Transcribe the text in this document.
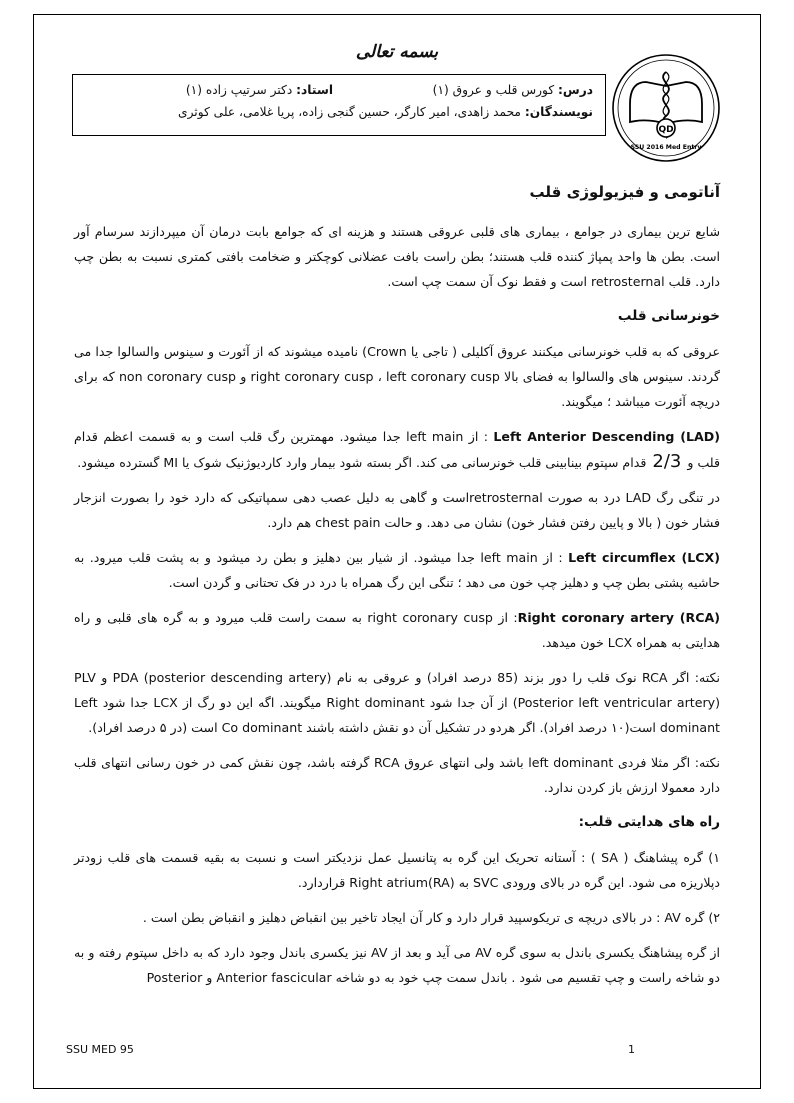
بسمه تعالی
درس: کورس قلب و عروق (۱)
استاد: دکتر سرتیپ زاده (۱)
نویسندگان: محمد زاهدی، امیر کارگر، حسین گنجی زاده، پریا غلامی، علی کوثری
QD
SSU 2016 Med Entry
آناتومی و فیزیولوژی قلب

شایع ترین بیماری در جوامع ، بیماری های قلبی عروقی هستند و هزینه ای که جوامع بابت درمان آن میپردازند سرسام آور است. بطن ها واحد پمپاژ کننده قلب هستند؛ بطن راست بافت عضلانی کوچکتر و ضخامت بافتی کمتری نسبت به بطن چپ دارد. قلب retrosternal است و فقط نوک آن سمت چپ است.

خونرسانی قلب

عروقی که به قلب خونرسانی میکنند عروق آکلیلی ( تاجی یا Crown) نامیده میشوند که از آئورت و سینوس والسالوا جدا می گردند. سینوس های والسالوا به فضای بالا right coronary cusp ، left coronary cusp و non coronary cusp که برای دریچه آئورت میباشد ؛ میگویند.

Left Anterior Descending (LAD) : از left main جدا میشود. مهمترین رگ قلب است و به قسمت اعظم قدام قلب و 2/3 قدام سپتوم بینابینی قلب خونرسانی می کند. اگر بسته شود بیمار وارد کاردیوژنیک شوک یا MI گسترده میشود.

در تنگی رگ LAD درد به صورت retrosternalاست و گاهی به دلیل عصب دهی سمپاتیکی که دارد خود را بصورت انزجار فشار خون ( بالا و پایین رفتن فشار خون) نشان می دهد. و حالت chest pain هم دارد.

Left circumflex (LCX) : از left main جدا میشود. از شیار بین دهلیز و بطن رد میشود و به پشت قلب میرود. به حاشیه پشتی بطن چپ و دهلیز چپ خون می دهد ؛ تنگی این رگ همراه با درد در فک تحتانی و گردن است.

Right coronary artery (RCA): از right coronary cusp به سمت راست قلب میرود و به گره های قلبی و راه هدایتی به همراه LCX خون میدهد.

نکته: اگر RCA نوک قلب را دور بزند (85 درصد افراد) و عروقی به نام (posterior descending artery) PDA و PLV (Posterior left ventricular artery) از آن جدا شود Right dominant میگویند. اگه این دو رگ از LCX جدا شود Left dominant است(۱۰ درصد افراد). اگر هردو در تشکیل آن دو نقش داشته باشند Co dominant است (در ۵ درصد افراد).

نکته: اگر مثلا فردی left dominant باشد ولی انتهای عروق RCA گرفته باشد، چون نقش کمی در خون رسانی انتهای قلب دارد معمولا ارزش باز کردن ندارد.

راه های هدایتی قلب:

۱) گره پیشاهنگ ( SA ) : آستانه تحریک این گره به پتانسیل عمل نزدیکتر است و نسبت به بقیه قسمت های قلب زودتر دپلاریزه می شود. این گره در بالای ورودی SVC به Right atrium(RA) قراردارد.

۲) گره AV : در بالای دریچه ی تریکوسپید قرار دارد و کار آن ایجاد تاخیر بین انقباض دهلیز و انقباض بطن است .

از گره پیشاهنگ یکسری باندل به سوی گره AV می آید و بعد از AV نیز یکسری باندل وجود دارد که به داخل سپتوم رفته و به دو شاخه راست و چپ تقسیم می شود . باندل سمت چپ خود به دو شاخه Anterior fascicular و Posterior

SSU MED 95	1
